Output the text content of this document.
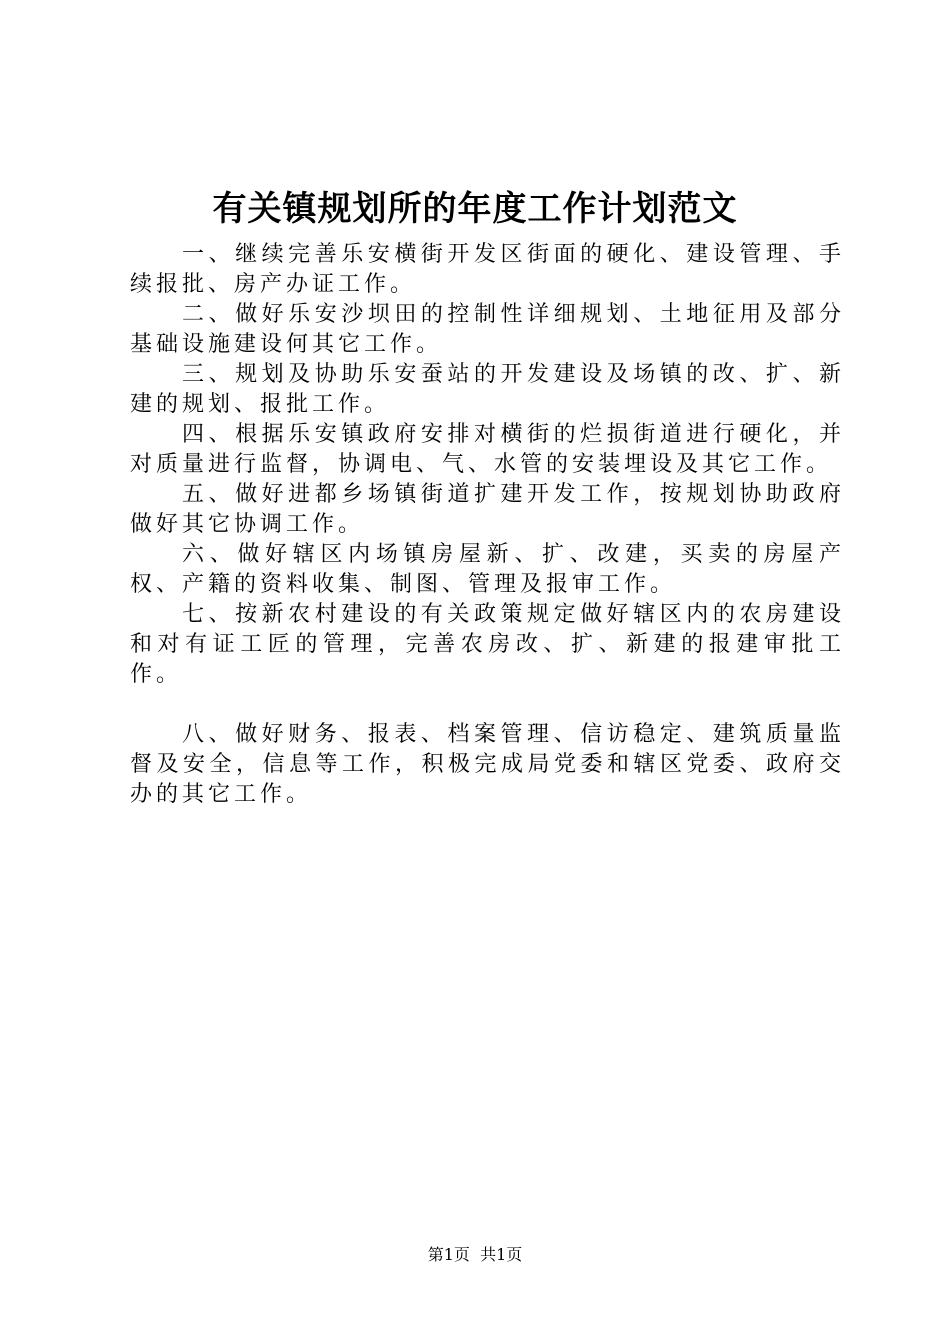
有关镇规划所的年度工作计划范文

一、继续完善乐安横街开发区街面的硬化、建设管理、手续报批、房产办证工作。

二、做好乐安沙坝田的控制性详细规划、土地征用及部分基础设施建设何其它工作。

三、规划及协助乐安蚕站的开发建设及场镇的改、扩、新建的规划、报批工作。

四、根据乐安镇政府安排对横街的烂损街道进行硬化，并对质量进行监督，协调电、气、水管的安装埋设及其它工作。

五、做好进都乡场镇街道扩建开发工作，按规划协助政府做好其它协调工作。

六、做好辖区内场镇房屋新、扩、改建，买卖的房屋产权、产籍的资料收集、制图、管理及报审工作。

七、按新农村建设的有关政策规定做好辖区内的农房建设和对有证工匠的管理，完善农房改、扩、新建的报建审批工作。

八、做好财务、报表、档案管理、信访稳定、建筑质量监督及安全，信息等工作，积极完成局党委和辖区党委、政府交办的其它工作。

第1页 共1页
